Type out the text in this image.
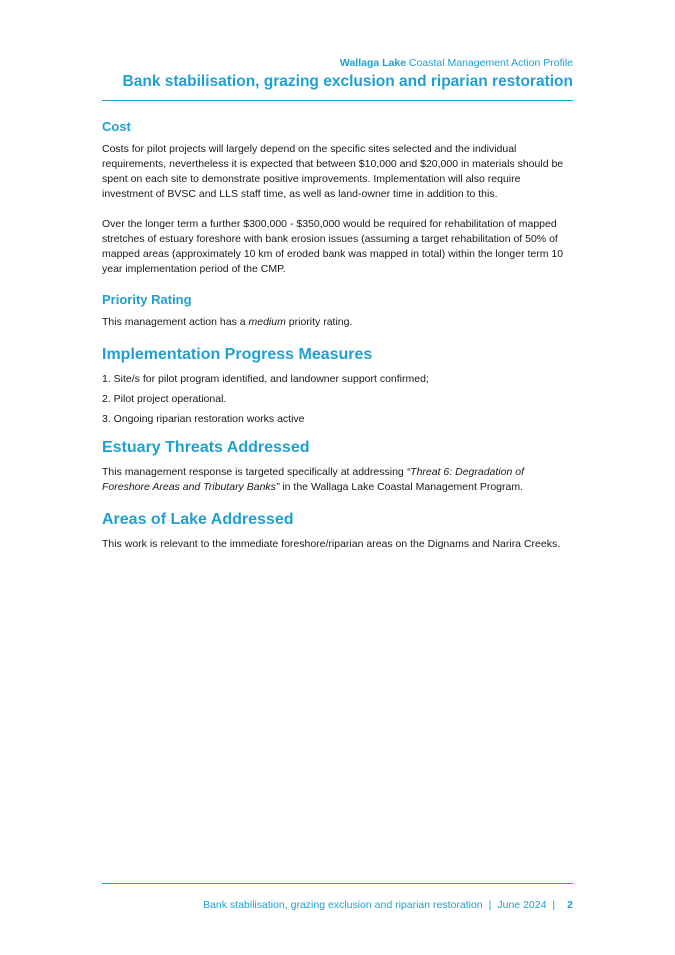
Wallaga Lake Coastal Management Action Profile
Bank stabilisation, grazing exclusion and riparian restoration
Cost

Costs for pilot projects will largely depend on the specific sites selected and the individual requirements, nevertheless it is expected that between $10,000 and $20,000 in materials should be spent on each site to demonstrate positive improvements. Implementation will also require investment of BVSC and LLS staff time, as well as land-owner time in addition to this.

Over the longer term a further $300,000 - $350,000 would be required for rehabilitation of mapped stretches of estuary foreshore with bank erosion issues (assuming a target rehabilitation of 50% of mapped areas (approximately 10 km of eroded bank was mapped in total) within the longer term 10 year implementation period of the CMP.

Priority Rating

This management action has a medium priority rating.

Implementation Progress Measures
1. Site/s for pilot program identified, and landowner support confirmed;
2. Pilot project operational.
3. Ongoing riparian restoration works active
Estuary Threats Addressed

This management response is targeted specifically at addressing “Threat 6: Degradation of Foreshore Areas and Tributary Banks” in the Wallaga Lake Coastal Management Program.

Areas of Lake Addressed

This work is relevant to the immediate foreshore/riparian areas on the Dignams and Narira Creeks.

Bank stabilisation, grazing exclusion and riparian restoration | June 2024 | 2
